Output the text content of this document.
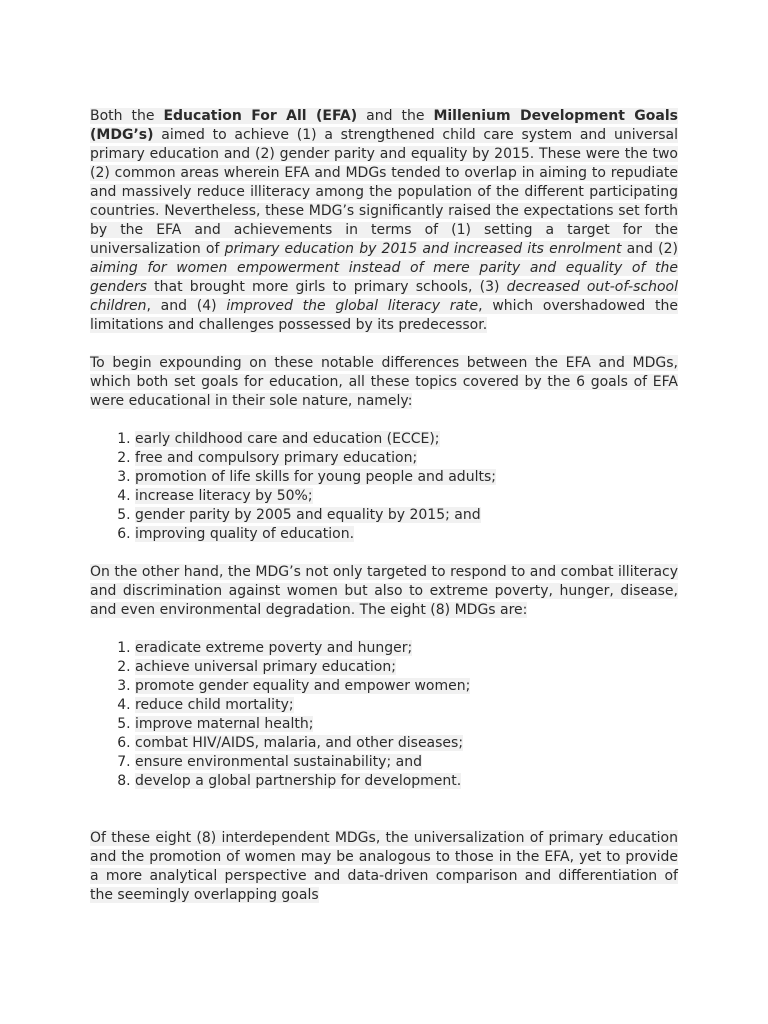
Both the Education For All (EFA) and the Millenium Development Goals (MDG’s) aimed to achieve (1) a strengthened child care system and universal primary education and (2) gender parity and equality by 2015. These were the two (2) common areas wherein EFA and MDGs tended to overlap in aiming to repudiate and massively reduce illiteracy among the population of the different participating countries. Nevertheless, these MDG’s significantly raised the expectations set forth by the EFA and achievements in terms of (1) setting a target for the universalization of primary education by 2015 and increased its enrolment and (2) aiming for women empowerment instead of mere parity and equality of the genders that brought more girls to primary schools, (3) decreased out-of-school children, and (4) improved the global literacy rate, which overshadowed the limitations and challenges possessed by its predecessor.

To begin expounding on these notable differences between the EFA and MDGs, which both set goals for education, all these topics covered by the 6 goals of EFA were educational in their sole nature, namely:

1. early childhood care and education (ECCE);
2. free and compulsory primary education;
3. promotion of life skills for young people and adults;
4. increase literacy by 50%;
5. gender parity by 2005 and equality by 2015; and
6. improving quality of education.

On the other hand, the MDG’s not only targeted to respond to and combat illiteracy and discrimination against women but also to extreme poverty, hunger, disease, and even environmental degradation. The eight (8) MDGs are:

1. eradicate extreme poverty and hunger;
2. achieve universal primary education;
3. promote gender equality and empower women;
4. reduce child mortality;
5. improve maternal health;
6. combat HIV/AIDS, malaria, and other diseases;
7. ensure environmental sustainability; and
8. develop a global partnership for development.

Of these eight (8) interdependent MDGs, the universalization of primary education and the promotion of women may be analogous to those in the EFA, yet to provide a more analytical perspective and data-driven comparison and differentiation of the seemingly overlapping goals
